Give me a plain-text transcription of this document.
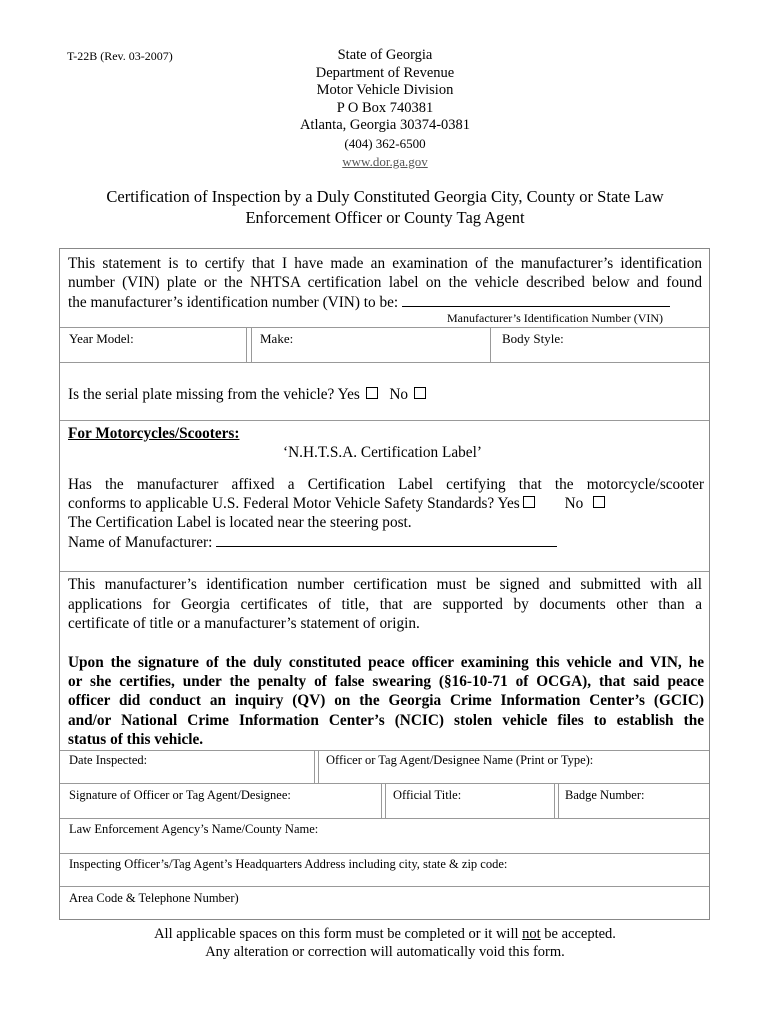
T-22B (Rev. 03-2007)	State of Georgia
Department of Revenue
Motor Vehicle Division
P O Box 740381
Atlanta, Georgia 30374-0381
(404) 362-6500
www.dor.ga.gov
Certification of Inspection by a Duly Constituted Georgia City, County or State Law
Enforcement Officer or County Tag Agent
This statement is to certify that I have made an examination of the manufacturer’s identification
number (VIN) plate or the NHTSA certification label on the vehicle described below and found
the manufacturer’s identification number (VIN) to be:
Manufacturer’s Identification Number (VIN)
Year Model:	Make:	Body Style:
Is the serial plate missing from the vehicle? Yes No
For Motorcycles/Scooters:
‘N.H.T.S.A. Certification Label’
Has the manufacturer affixed a Certification Label certifying that the motorcycle/scooter
conforms to applicable U.S. Federal Motor Vehicle Safety Standards? Yes	No
The Certification Label is located near the steering post.
Name of Manufacturer:
This manufacturer’s identification number certification must be signed and submitted with all
applications for Georgia certificates of title, that are supported by documents other than a
certificate of title or a manufacturer’s statement of origin.
Upon the signature of the duly constituted peace officer examining this vehicle and VIN, he
or she certifies, under the penalty of false swearing (§16-10-71 of OCGA), that said peace
officer did conduct an inquiry (QV) on the Georgia Crime Information Center’s (GCIC)
and/or National Crime Information Center’s (NCIC) stolen vehicle files to establish the
status of this vehicle.
Date Inspected:	Officer or Tag Agent/Designee Name (Print or Type):
Signature of Officer or Tag Agent/Designee:	Official Title:	Badge Number:
Law Enforcement Agency’s Name/County Name:
Inspecting Officer’s/Tag Agent’s Headquarters Address including city, state & zip code:
Area Code & Telephone Number)
All applicable spaces on this form must be completed or it will not be accepted.
Any alteration or correction will automatically void this form.
